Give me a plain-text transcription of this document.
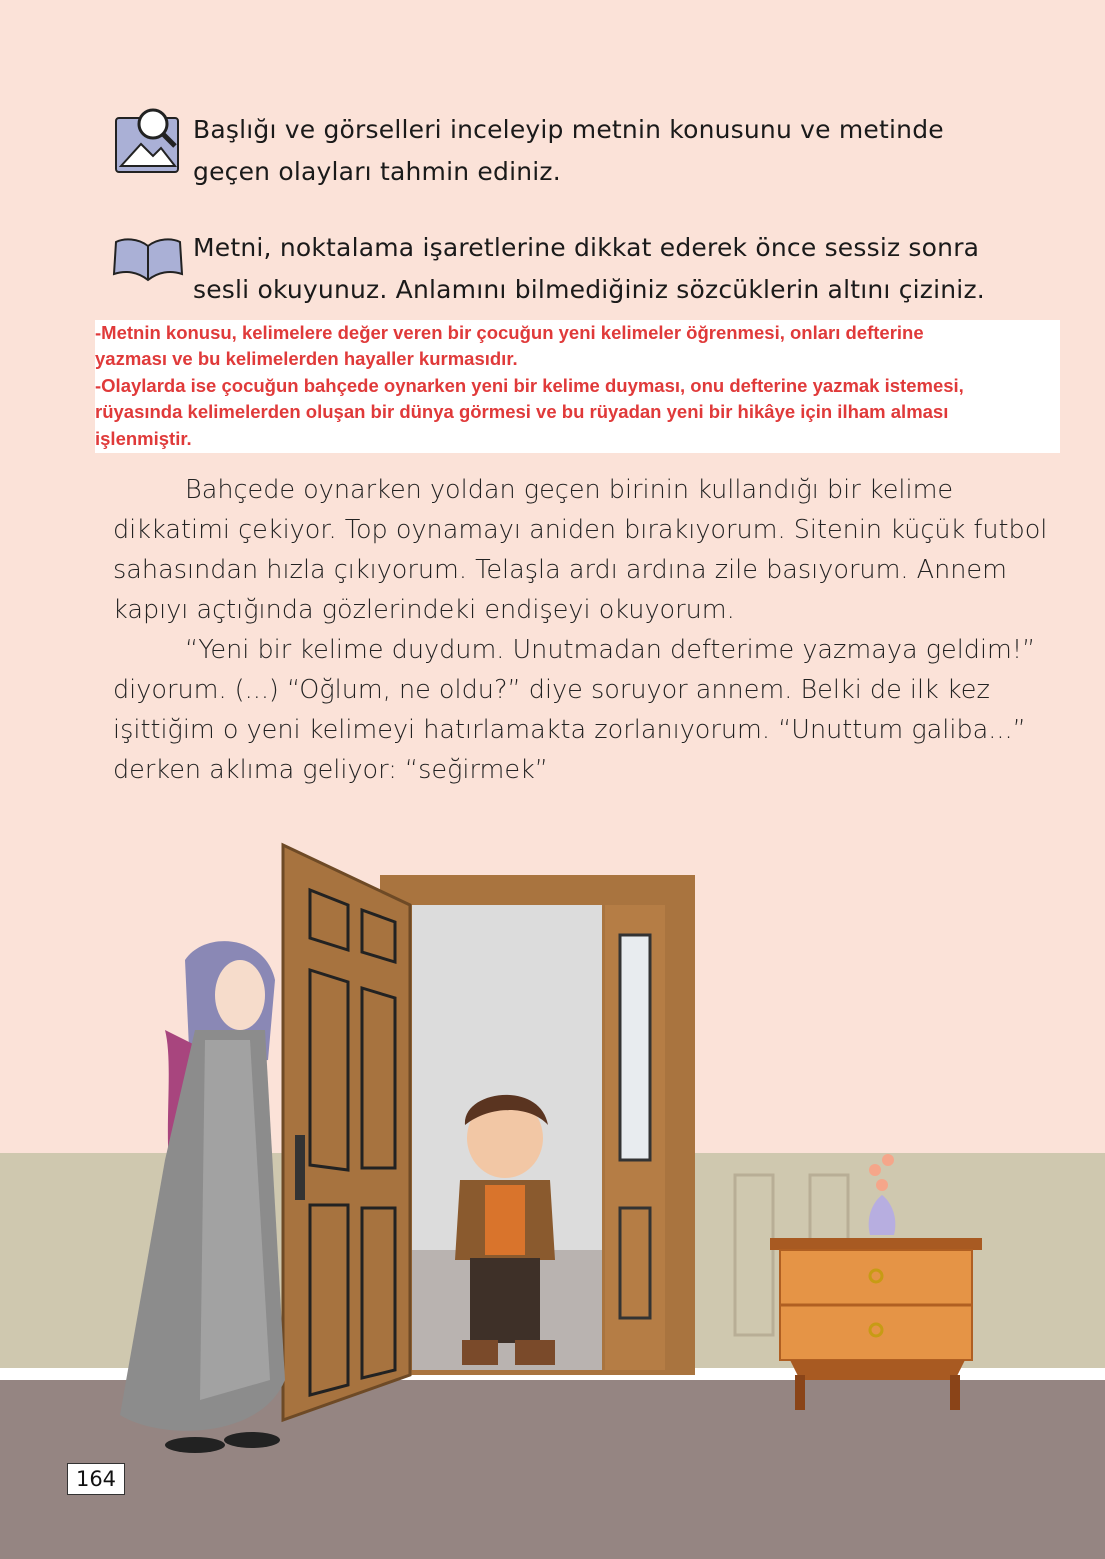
Başlığı ve görselleri inceleyip metnin konusunu ve metinde
geçen olayları tahmin ediniz.
Metni, noktalama işaretlerine dikkat ederek önce sessiz sonra
sesli okuyunuz. Anlamını bilmediğiniz sözcüklerin altını çiziniz.
-Metnin konusu, kelimelere değer veren bir çocuğun yeni kelimeler öğrenmesi, onları defterine
yazması ve bu kelimelerden hayaller kurmasıdır.
-Olaylarda ise çocuğun bahçede oynarken yeni bir kelime duyması, onu defterine yazmak istemesi,
rüyasında kelimelerden oluşan bir dünya görmesi ve bu rüyadan yeni bir hikâye için ilham alması
işlenmiştir.
Bahçede oynarken yoldan geçen birinin kullandığı bir kelime
dikkatimi çekiyor. Top oynamayı aniden bırakıyorum. Sitenin küçük futbol
sahasından hızla çıkıyorum. Telaşla ardı ardına zile basıyorum. Annem
kapıyı açtığında gözlerindeki endişeyi okuyorum.
“Yeni bir kelime duydum. Unutmadan defterime yazmaya geldim!”
diyorum. (...) “Oğlum, ne oldu?” diye soruyor annem. Belki de ilk kez
işittiğim o yeni kelimeyi hatırlamakta zorlanıyorum. “Unuttum galiba...”
derken aklıma geliyor: “seğirmek”
164
